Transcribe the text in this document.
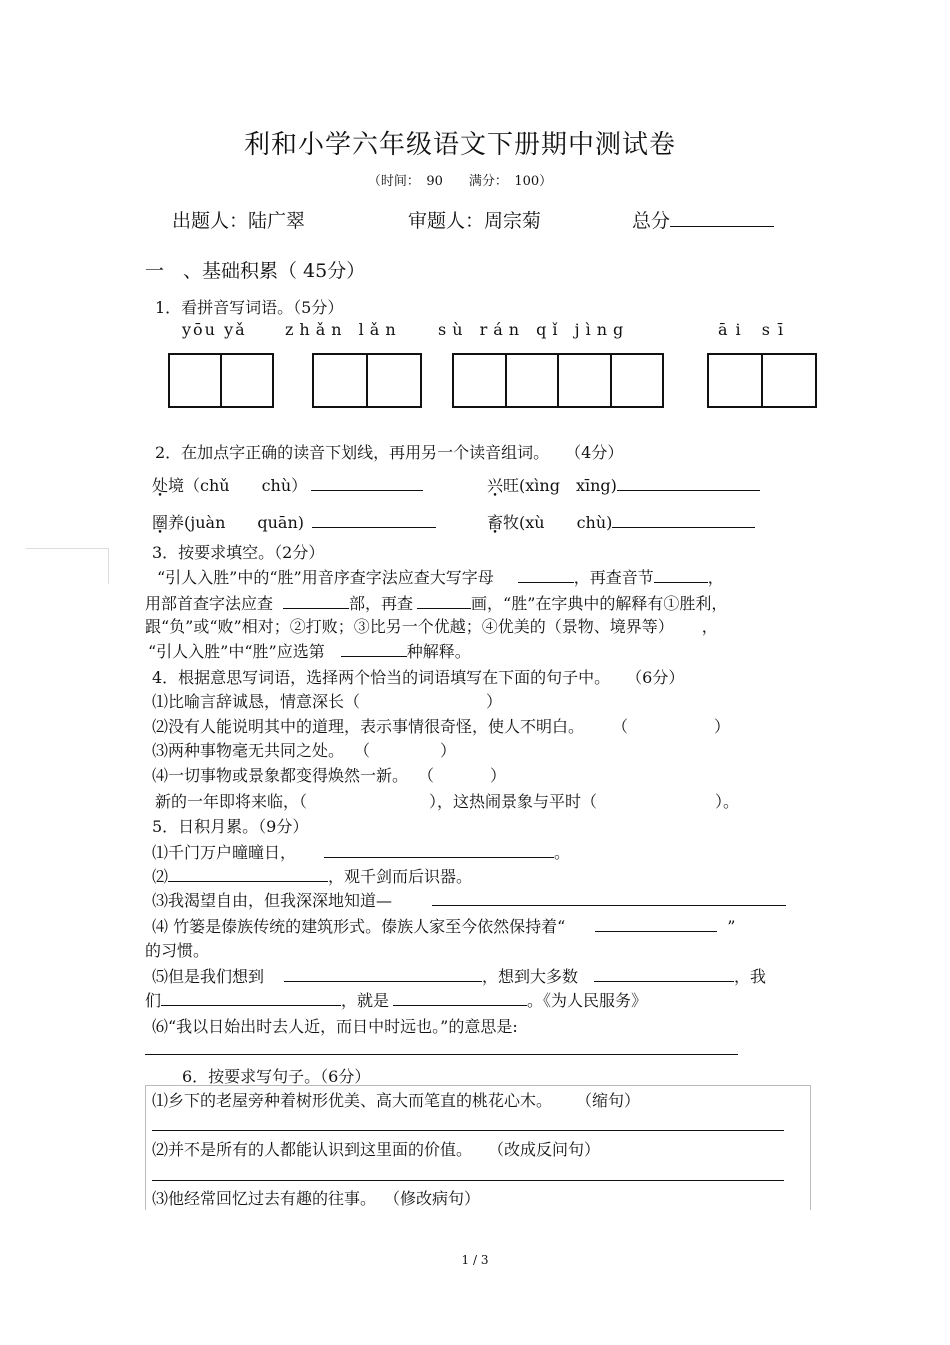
利和小学六年级语文下册期中测试卷
（时间：　90　　满分：　100）
出题人：陆广翠	审题人：周宗菊	总分
一　、基础积累（ 45分）
1．看拼音写词语。（5分）
yōu yǎ zhǎn lǎn sù rán qǐ jìng	āi sī
2．在加点字正确的读音下划线，再用另一个读音组词。　　（4分）
处境（chǔ　　chù）	兴旺(xìng　xīng)
圈养(juàn　　quān)	畜牧(xù　　chù)
3．按要求填空。（2分）
“引人入胜”中的“胜”用音序查字法应查大写字母	，再查音节	，
用部首查字法应查	部，再查	画，“胜”在字典中的解释有①胜利，
跟“负”或“败”相对；②打败；③比另一个优越；④优美的（景物、境界等） ，
“引人入胜”中“胜”应选第	种解释。
4．根据意思写词语，选择两个恰当的词语填写在下面的句子中。　　（6分）
⑴比喻言辞诚恳，情意深长（	）
⑵没有人能说明其中的道理，表示事情很奇怪，使人不明白。 （	）
⑶两种事物毫无共同之处。 （	）
⑷一切事物或景象都变得焕然一新。 （	）
新的一年即将来临，（	），这热闹景象与平时（	）。
5．日积月累。（9分）
⑴千门万户曈曈日，	。
⑵	，观千剑而后识器。
⑶我渴望自由，但我深深地知道—
⑷ 竹篓是傣族传统的建筑形式。傣族人家至今依然保持着“	”
的习惯。
⑸但是我们想到	，想到大多数	，我
们	，就是	。《为人民服务》
⑹“我以日始出时去人近，而日中时远也。”的意思是:
6．按要求写句子。（6分）
⑴乡下的老屋旁种着树形优美、高大而笔直的桃花心木。 （缩句）
⑵并不是所有的人都能认识到这里面的价值。 （改成反问句）
⑶他经常回忆过去有趣的往事。 （修改病句）
1 / 3
